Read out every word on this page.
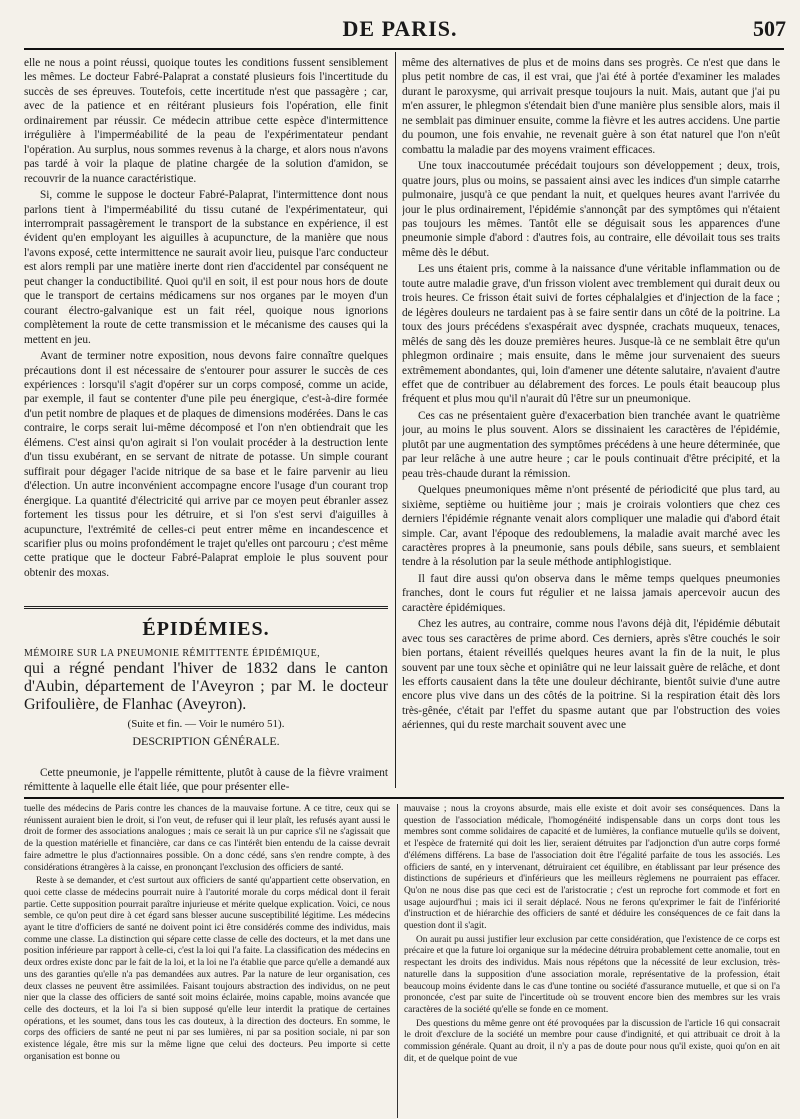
DE PARIS.	507

elle ne nous a point réussi, quoique toutes les conditions fussent sensiblement les mêmes. Le docteur Fabré-Palaprat a constaté plusieurs fois l'incertitude du succès de ses épreuves. Toutefois, cette incertitude n'est que passagère ; car, avec de la patience et en réitérant plusieurs fois l'opération, elle finit ordinairement par réussir. Ce médecin attribue cette espèce d'intermittence irrégulière à l'imperméabilité de la peau de l'expérimentateur pendant l'opération. Au surplus, nous sommes revenus à la charge, et alors nous n'avons pas tardé à voir la plaque de platine chargée de la solution d'amidon, se recouvrir de la nuance caractéristique.

Si, comme le suppose le docteur Fabré-Palaprat, l'intermittence dont nous parlons tient à l'imperméabilité du tissu cutané de l'expérimentateur, qui interromprait passagèrement le transport de la substance en expérience, il est évident qu'en employant les aiguilles à acupuncture, de la manière que nous l'avons exposé, cette intermittence ne saurait avoir lieu, puisque l'arc conducteur est alors rempli par une matière inerte dont rien d'accidentel par conséquent ne peut changer la conductibilité. Quoi qu'il en soit, il est pour nous hors de doute que le transport de certains médicamens sur nos organes par le moyen d'un courant électro-galvanique est un fait réel, quoique nous ignorions complètement la route de cette transmission et le mécanisme des causes qui la mettent en jeu.

Avant de terminer notre exposition, nous devons faire connaître quelques précautions dont il est nécessaire de s'entourer pour assurer le succès de ces expériences : lorsqu'il s'agit d'opérer sur un corps composé, comme un acide, par exemple, il faut se contenter d'une pile peu énergique, c'est-à-dire formée d'un petit nombre de plaques et de plaques de dimensions modérées. Dans le cas contraire, le corps serait lui-même décomposé et l'on n'en obtiendrait que les élémens. C'est ainsi qu'on agirait si l'on voulait procéder à la destruction lente d'un tissu exubérant, en se servant de nitrate de potasse. Un simple courant suffirait pour dégager l'acide nitrique de sa base et le faire parvenir au lieu d'élection. Un autre inconvénient accompagne encore l'usage d'un courant trop énergique. La quantité d'électricité qui arrive par ce moyen peut ébranler assez fortement les tissus pour les détruire, et si l'on s'est servi d'aiguilles à acupuncture, l'extrémité de celles-ci peut entrer même en incandescence et scarifier plus ou moins profondément le trajet qu'elles ont parcouru ; c'est même cette pratique que le docteur Fabré-Palaprat emploie le plus souvent pour obtenir des moxas.

ÉPIDÉMIES.
MÉMOIRE SUR LA PNEUMONIE RÉMITTENTE ÉPIDÉMIQUE,
qui a régné pendant l'hiver de 1832 dans le canton d'Aubin, département de l'Aveyron ; par M. le docteur Grifoulière, de Flanhac (Aveyron).
(Suite et fin. — Voir le numéro 51).
DESCRIPTION GÉNÉRALE.

Cette pneumonie, je l'appelle rémittente, plutôt à cause de la fièvre vraiment rémittente à laquelle elle était liée, que pour présenter elle-

même des alternatives de plus et de moins dans ses progrès. Ce n'est que dans le plus petit nombre de cas, il est vrai, que j'ai été à portée d'examiner les malades durant le paroxysme, qui arrivait presque toujours la nuit. Mais, autant que j'ai pu m'en assurer, le phlegmon s'étendait bien d'une manière plus sensible alors, mais il ne semblait pas diminuer ensuite, comme la fièvre et les autres accidens. Une partie du poumon, une fois envahie, ne revenait guère à son état naturel que l'on n'eût combattu la maladie par des moyens vraiment efficaces.

Une toux inaccoutumée précédait toujours son développement ; deux, trois, quatre jours, plus ou moins, se passaient ainsi avec les indices d'un simple catarrhe pulmonaire, jusqu'à ce que pendant la nuit, et quelques heures avant l'arrivée du jour le plus ordinairement, l'épidémie s'annonçât par des symptômes qui n'étaient pas toujours les mêmes. Tantôt elle se déguisait sous les apparences d'une pneumonie simple d'abord : d'autres fois, au contraire, elle dévoilait tous ses traits même dès le début.

Les uns étaient pris, comme à la naissance d'une véritable inflammation ou de toute autre maladie grave, d'un frisson violent avec tremblement qui durait deux ou trois heures. Ce frisson était suivi de fortes céphalalgies et d'injection de la face ; de légères douleurs ne tardaient pas à se faire sentir dans un côté de la poitrine. La toux des jours précédens s'exaspérait avec dyspnée, crachats muqueux, tenaces, mêlés de sang dès les douze premières heures. Jusque-là ce ne semblait être qu'un phlegmon ordinaire ; mais ensuite, dans le même jour survenaient des sueurs extrêmement abondantes, qui, loin d'amener une détente salutaire, n'avaient d'autre effet que de contribuer au délabrement des forces. Le pouls était beaucoup plus fréquent et plus mou qu'il n'aurait dû l'être sur un pneumonique.

Ces cas ne présentaient guère d'exacerbation bien tranchée avant le quatrième jour, au moins le plus souvent. Alors se dissinaient les caractères de l'épidémie, plutôt par une augmentation des symptômes précédens à une heure déterminée, que par leur relâche à une autre heure ; car le pouls continuait d'être précipité, et la peau très-chaude durant la rémission.

Quelques pneumoniques même n'ont présenté de périodicité que plus tard, au sixième, septième ou huitième jour ; mais je croirais volontiers que chez ces derniers l'épidémie régnante venait alors compliquer une maladie qui d'abord était simple. Car, avant l'époque des redoublemens, la maladie avait marché avec les caractères propres à la pneumonie, sans pouls débile, sans sueurs, et semblaient tendre à la résolution par la seule méthode antiphlogistique.

Il faut dire aussi qu'on observa dans le même temps quelques pneumonies franches, dont le cours fut régulier et ne laissa jamais apercevoir aucun des caractère épidémiques.

Chez les autres, au contraire, comme nous l'avons déjà dit, l'épidémie débutait avec tous ses caractères de prime abord. Ces derniers, après s'être couchés le soir bien portans, étaient réveillés quelques heures avant la fin de la nuit, le plus souvent par une toux sèche et opiniâtre qui ne leur laissait guère de relâche, et dont les efforts causaient dans la tête une douleur déchirante, bientôt suivie d'une autre encore plus vive dans un des côtés de la poitrine. Si la respiration était dès lors très-gênée, c'était par l'effet du spasme autant que par l'obstruction des voies aériennes, qui du reste marchait souvent avec une

tuelle des médecins de Paris contre les chances de la mauvaise fortune. A ce titre, ceux qui se réunissent auraient bien le droit, si l'on veut, de refuser qui il leur plaît, les refusés ayant aussi le droit de former des associations analogues ; mais ce serait là un pur caprice s'il ne s'agissait que de la question matérielle et financière, car dans ce cas l'intérêt bien entendu de la caisse devrait faire admettre le plus d'actionnaires possible. On a donc cédé, sans s'en rendre compte, à des considérations étrangères à la caisse, en prononçant l'exclusion des officiers de santé.

Reste à se demander, et c'est surtout aux officiers de santé qu'appartient cette observation, en quoi cette classe de médecins pourrait nuire à l'autorité morale du corps médical dont il ferait partie. Cette supposition pourrait paraître injurieuse et mérite quelque explication. Voici, ce nous semble, ce qu'on peut dire à cet égard sans blesser aucune susceptibilité légitime. Les médecins ayant le titre d'officiers de santé ne doivent point ici être considérés comme des individus, mais comme une classe. La distinction qui sépare cette classe de celle des docteurs, et la met dans une position inférieure par rapport à celle-ci, c'est la loi qui l'a faite. La classification des médecins en deux ordres existe donc par le fait de la loi, et la loi ne l'a établie que parce qu'elle a demandé aux uns des garanties qu'elle n'a pas demandées aux autres. Par la nature de leur organisation, ces deux classes ne peuvent être assimilées. Faisant toujours abstraction des individus, on ne peut nier que la classe des officiers de santé soit moins éclairée, moins capable, moins avancée que celle des docteurs, et la loi l'a si bien supposé qu'elle leur interdit la pratique de certaines opérations, et les soumet, dans tous les cas douteux, à la direction des docteurs. En somme, le corps des officiers de santé ne peut ni par ses lumières, ni par sa position sociale, ni par son existence légale, être mis sur la même ligne que celui des docteurs. Peu importe si cette organisation est bonne ou

mauvaise ; nous la croyons absurde, mais elle existe et doit avoir ses conséquences. Dans la question de l'association médicale, l'homogénéité indispensable dans un corps dont tous les membres sont comme solidaires de capacité et de lumières, la confiance mutuelle qu'ils se doivent, et l'espèce de fraternité qui doit les lier, seraient détruites par l'adjonction d'un autre corps formé d'élémens différens. La base de l'association doit être l'égalité parfaite de tous les associés. Les officiers de santé, en y intervenant, détruiraient cet équilibre, en établissant par leur présence des distinctions de supérieurs et d'inférieurs que les meilleurs règlemens ne pourraient pas effacer. Qu'on ne nous dise pas que ceci est de l'aristocratie ; c'est un reproche fort commode et fort en usage aujourd'hui ; mais ici il serait déplacé. Nous ne ferons qu'exprimer le fait de l'infériorité d'instruction et de hiérarchie des officiers de santé et déduire les conséquences de ce fait dans la question dont il s'agit.

On aurait pu aussi justifier leur exclusion par cette considération, que l'existence de ce corps est précaire et que la future loi organique sur la médecine détruira probablement cette anomalie, tout en respectant les droits des individus. Mais nous répétons que la nécessité de leur exclusion, très-naturelle dans la supposition d'une association morale, représentative de la profession, était beaucoup moins évidente dans le cas d'une tontine ou société d'assurance mutuelle, et que si on l'a prononcée, c'est par suite de l'incertitude où se trouvent encore bien des membres sur les vrais caractères de la société qu'elle se fonde en ce moment.

Des questions du même genre ont été provoquées par la discussion de l'article 16 qui consacrait le droit d'exclure de la société un membre pour cause d'indignité, et qui attribuait ce droit à la commission générale. Quant au droit, il n'y a pas de doute pour nous qu'il existe, quoi qu'on en ait dit, et de quelque point de vue
